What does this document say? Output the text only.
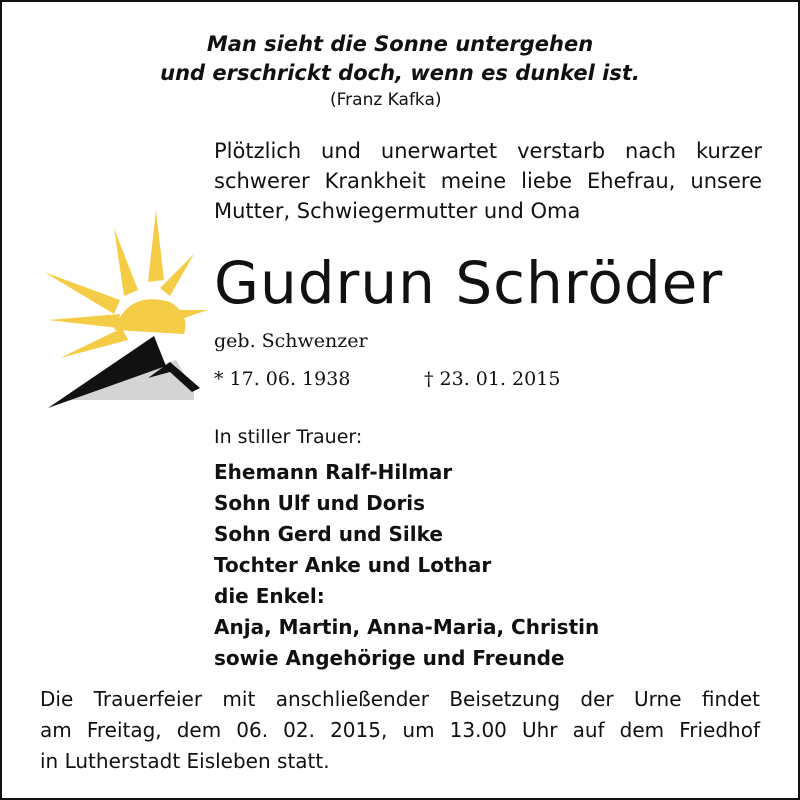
Man sieht die Sonne untergehen
und erschrickt doch, wenn es dunkel ist.
(Franz Kafka)
Plötzlich und unerwartet verstarb nach kurzer
schwerer Krankheit meine liebe Ehefrau, unsere
Mutter, Schwiegermutter und Oma
Gudrun Schröder
geb. Schwenzer
* 17. 06. 1938	† 23. 01. 2015
In stiller Trauer:
Ehemann Ralf-Hilmar
Sohn Ulf und Doris
Sohn Gerd und Silke
Tochter Anke und Lothar
die Enkel:
Anja, Martin, Anna-Maria, Christin
sowie Angehörige und Freunde
Die Trauerfeier mit anschließender Beisetzung der Urne findet
am Freitag, dem 06. 02. 2015, um 13.00 Uhr auf dem Friedhof
in Lutherstadt Eisleben statt.
